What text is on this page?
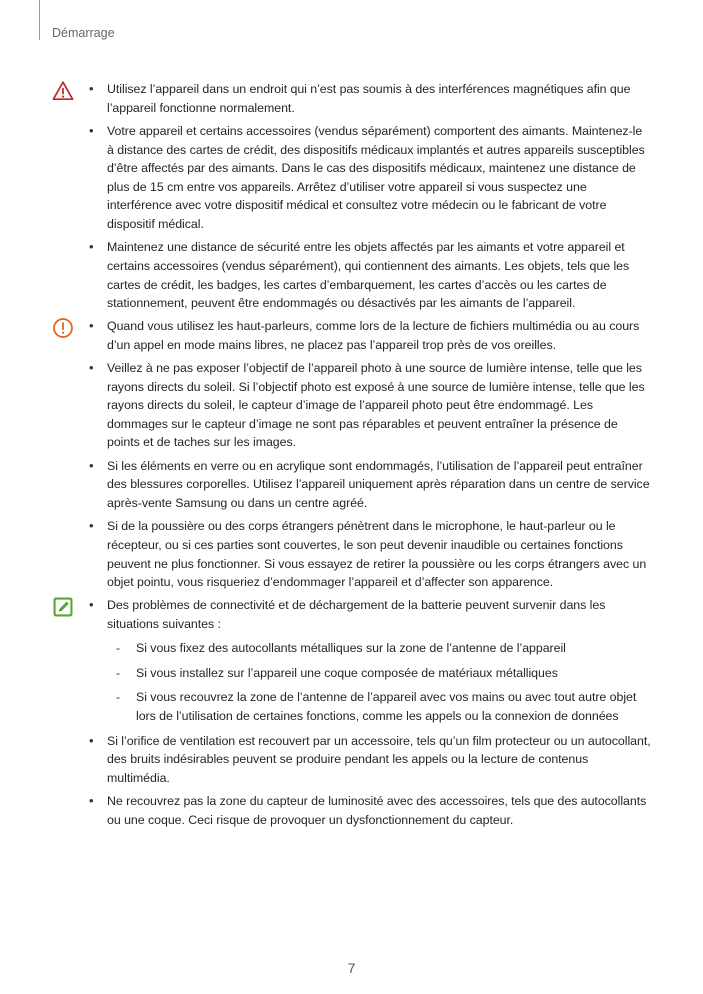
Démarrage
• Utilisez l’appareil dans un endroit qui n’est pas soumis à des interférences magnétiques afin que l’appareil fonctionne normalement.
• Votre appareil et certains accessoires (vendus séparément) comportent des aimants. Maintenez-le à distance des cartes de crédit, des dispositifs médicaux implantés et autres appareils susceptibles d’être affectés par des aimants. Dans le cas des dispositifs médicaux, maintenez une distance de plus de 15 cm entre vos appareils. Arrêtez d’utiliser votre appareil si vous suspectez une interférence avec votre dispositif médical et consultez votre médecin ou le fabricant de votre dispositif médical.
• Maintenez une distance de sécurité entre les objets affectés par les aimants et votre appareil et certains accessoires (vendus séparément), qui contiennent des aimants. Les objets, tels que les cartes de crédit, les badges, les cartes d’embarquement, les cartes d’accès ou les cartes de stationnement, peuvent être endommagés ou désactivés par les aimants de l’appareil.
• Quand vous utilisez les haut-parleurs, comme lors de la lecture de fichiers multimédia ou au cours d’un appel en mode mains libres, ne placez pas l’appareil trop près de vos oreilles.
• Veillez à ne pas exposer l’objectif de l’appareil photo à une source de lumière intense, telle que les rayons directs du soleil. Si l’objectif photo est exposé à une source de lumière intense, telle que les rayons directs du soleil, le capteur d’image de l’appareil photo peut être endommagé. Les dommages sur le capteur d’image ne sont pas réparables et peuvent entraîner la présence de points et de taches sur les images.
• Si les éléments en verre ou en acrylique sont endommagés, l’utilisation de l’appareil peut entraîner des blessures corporelles. Utilisez l’appareil uniquement après réparation dans un centre de service après-vente Samsung ou dans un centre agréé.
• Si de la poussière ou des corps étrangers pénètrent dans le microphone, le haut-parleur ou le récepteur, ou si ces parties sont couvertes, le son peut devenir inaudible ou certaines fonctions peuvent ne plus fonctionner. Si vous essayez de retirer la poussière ou les corps étrangers avec un objet pointu, vous risqueriez d’endommager l’appareil et d’affecter son apparence.
• Des problèmes de connectivité et de déchargement de la batterie peuvent survenir dans les situations suivantes :
- Si vous fixez des autocollants métalliques sur la zone de l’antenne de l’appareil
- Si vous installez sur l’appareil une coque composée de matériaux métalliques
- Si vous recouvrez la zone de l’antenne de l’appareil avec vos mains ou avec tout autre objet lors de l’utilisation de certaines fonctions, comme les appels ou la connexion de données
• Si l’orifice de ventilation est recouvert par un accessoire, tels qu’un film protecteur ou un autocollant, des bruits indésirables peuvent se produire pendant les appels ou la lecture de contenus multimédia.
• Ne recouvrez pas la zone du capteur de luminosité avec des accessoires, tels que des autocollants ou une coque. Ceci risque de provoquer un dysfonctionnement du capteur.
7
